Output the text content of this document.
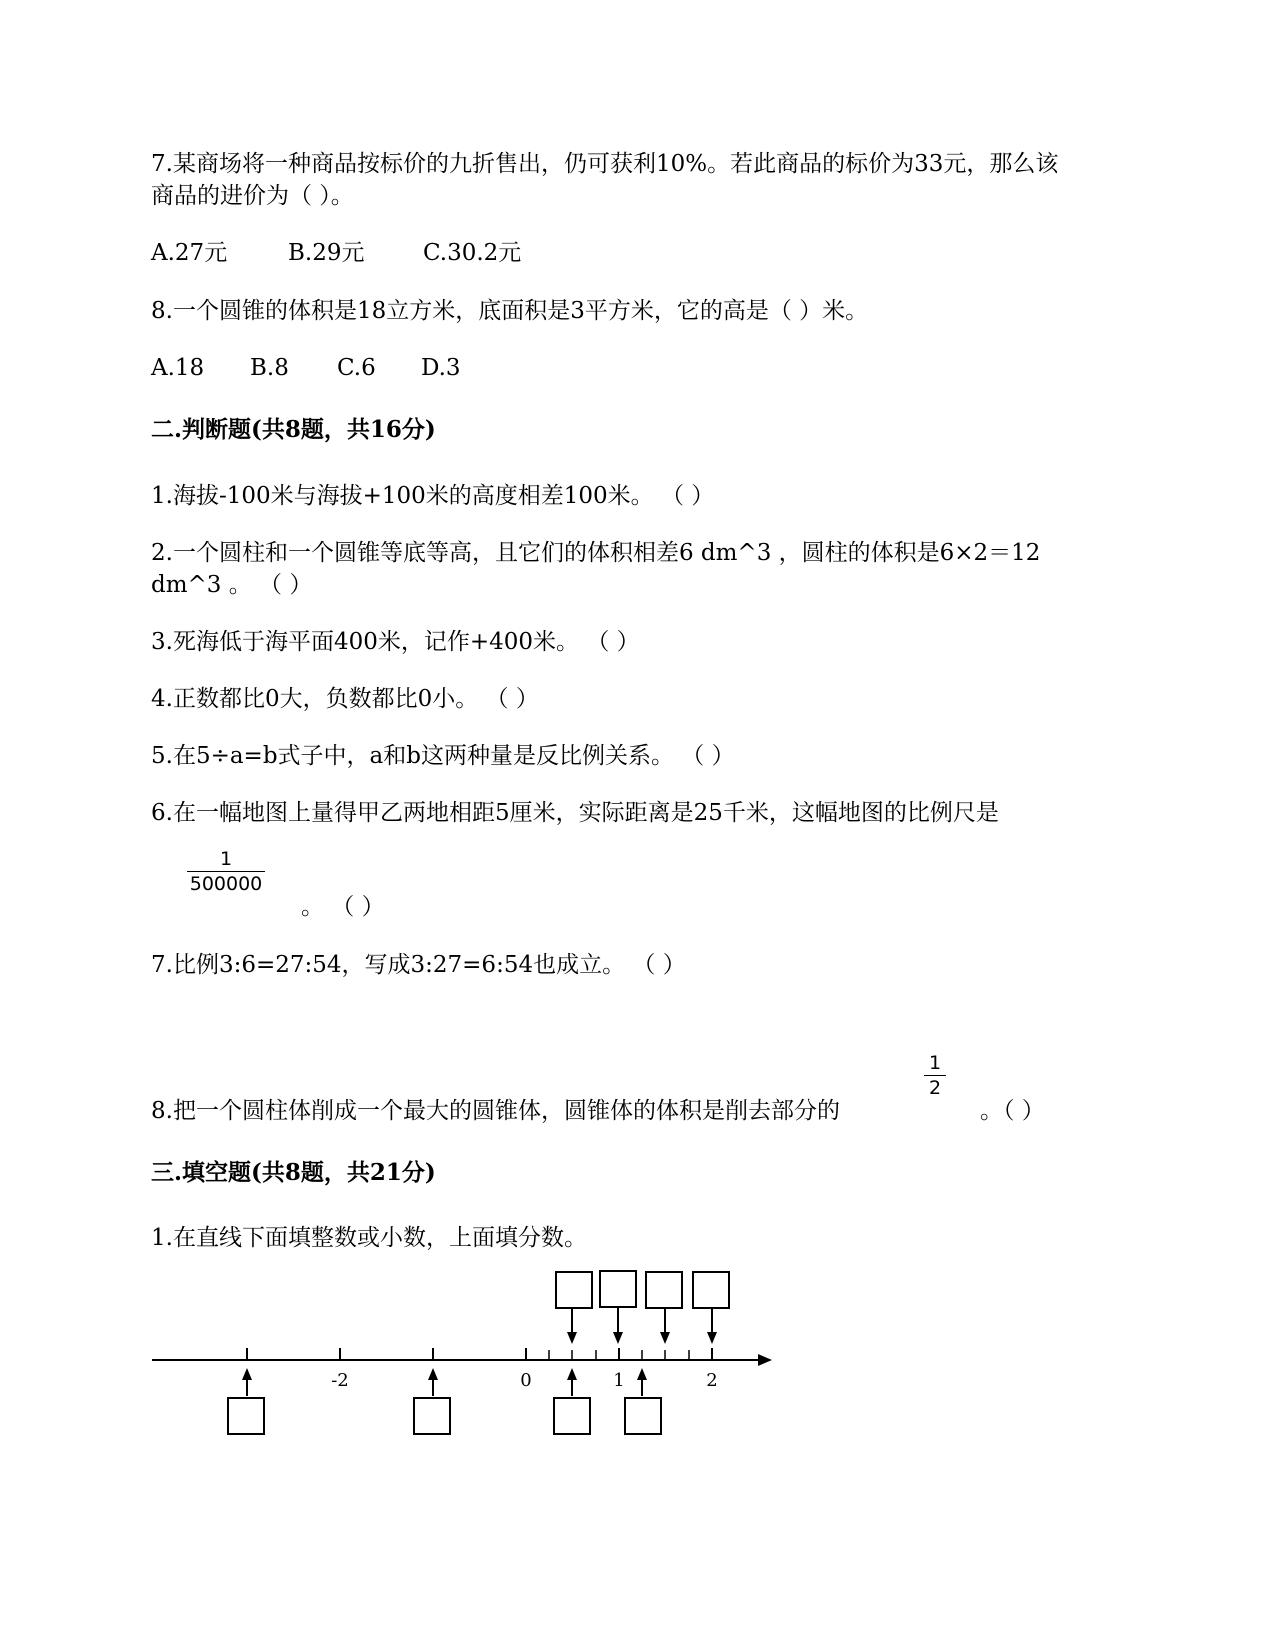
7.某商场将一种商品按标价的九折售出，仍可获利10%。若此商品的标价为33元，那么该
商品的进价为（ ）。
A.27元	B.29元	C.30.2元
8.一个圆锥的体积是18立方米，底面积是3平方米，它的高是（ ）米。
A.18 B.8 C.6 D.3
二.判断题(共8题，共16分)
1.海拔-100米与海拔+100米的高度相差100米。 （ ）
2.一个圆柱和一个圆锥等底等高，且它们的体积相差6 dm^3 ，圆柱的体积是6×2＝12
dm^3 。 （ ）
3.死海低于海平面400米，记作+400米。 （ ）
4.正数都比0大，负数都比0小。 （ ）
5.在5÷a=b式子中，a和b这两种量是反比例关系。 （ ）
6.在一幅地图上量得甲乙两地相距5厘米，实际距离是25千米，这幅地图的比例尺是
1
500000
。 （ ）
7.比例3:6=27:54，写成3:27=6:54也成立。 （ ）
1
2
8.把一个圆柱体削成一个最大的圆锥体，圆锥体的体积是削去部分的	。（ ）
三.填空题(共8题，共21分)
1.在直线下面填整数或小数，上面填分数。
-2	0	1	2
